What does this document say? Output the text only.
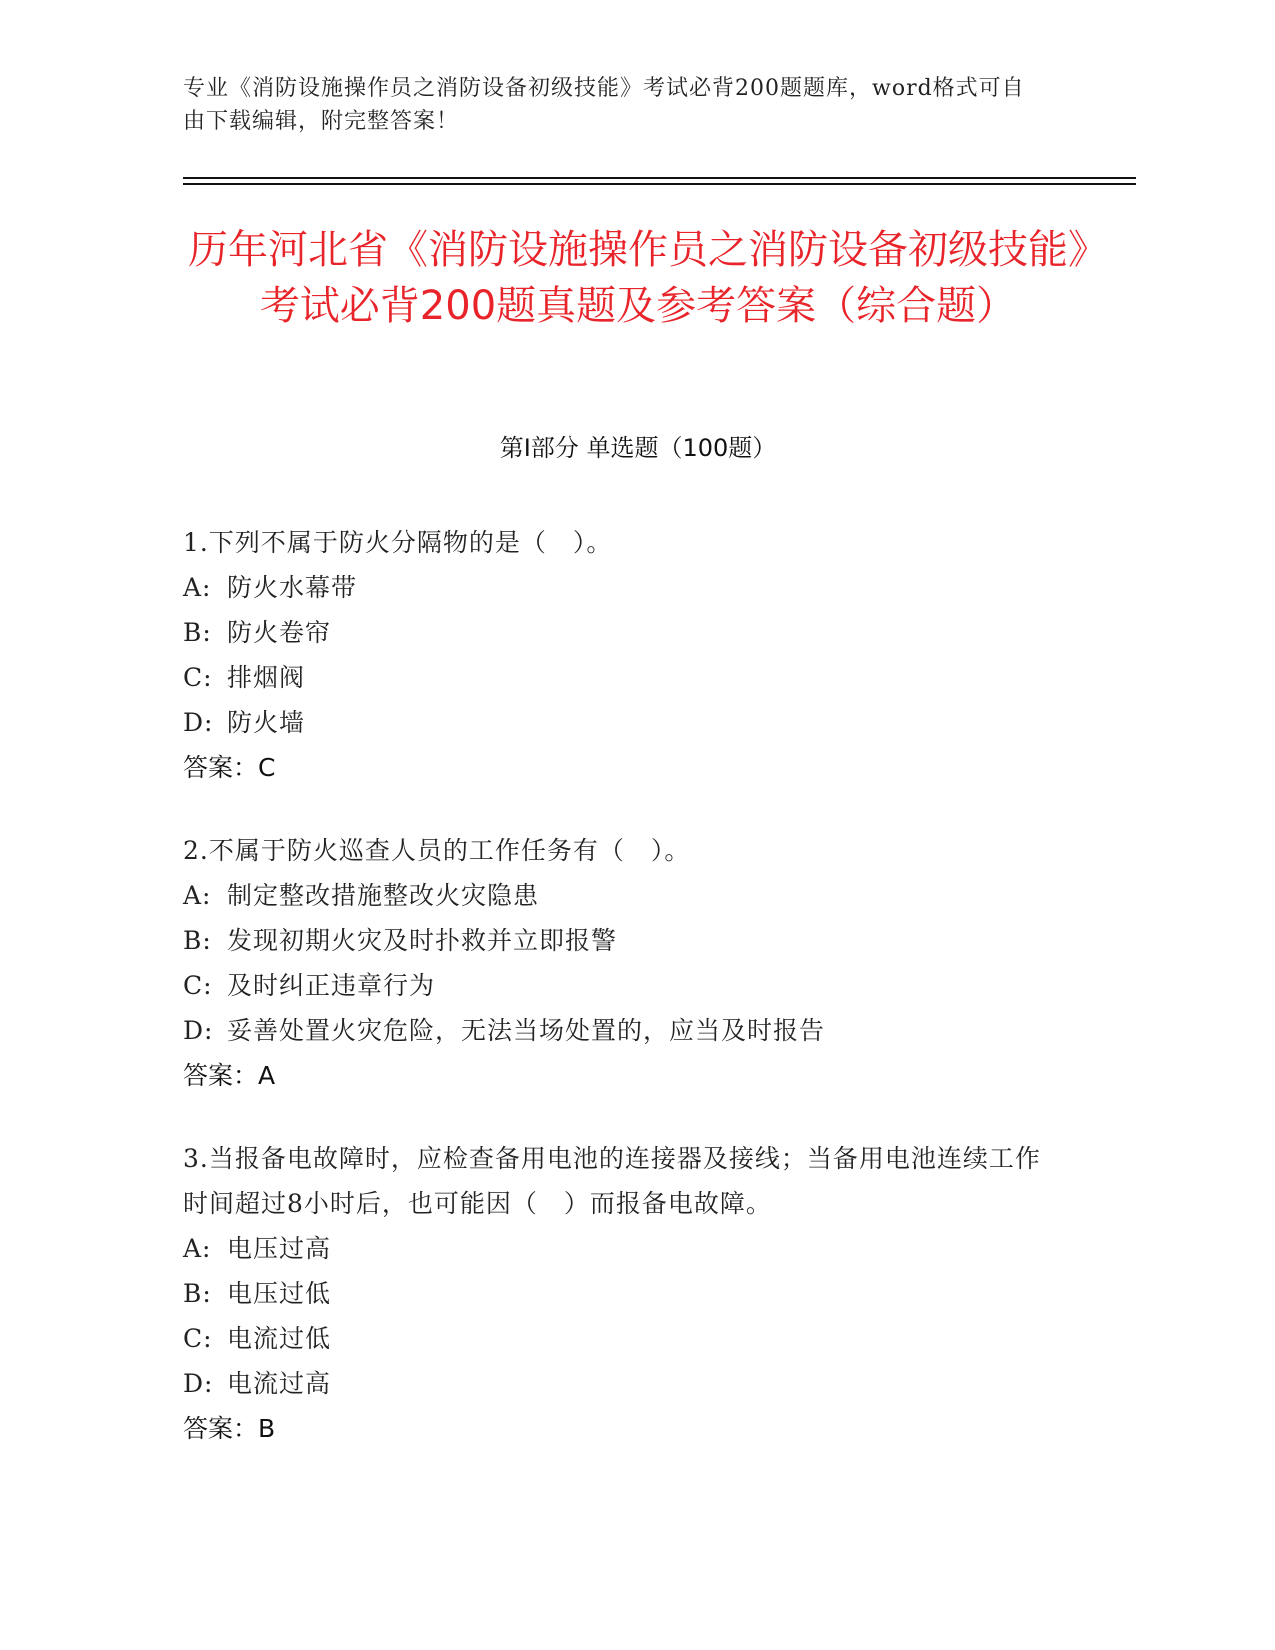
专业《消防设施操作员之消防设备初级技能》考试必背200题题库，word格式可自由下载编辑，附完整答案！
历年河北省《消防设施操作员之消防设备初级技能》考试必背200题真题及参考答案（综合题）
第Ⅰ部分 单选题（100题）
1.下列不属于防火分隔物的是（　）。
A: 防火水幕带
B: 防火卷帘
C: 排烟阀
D: 防火墙
答案：C
2.不属于防火巡查人员的工作任务有（　）。
A: 制定整改措施整改火灾隐患
B: 发现初期火灾及时扑救并立即报警
C: 及时纠正违章行为
D: 妥善处置火灾危险，无法当场处置的，应当及时报告
答案：A
3.当报备电故障时，应检查备用电池的连接器及接线；当备用电池连续工作时间超过8小时后，也可能因（　）而报备电故障。
A: 电压过高
B: 电压过低
C: 电流过低
D: 电流过高
答案：B
